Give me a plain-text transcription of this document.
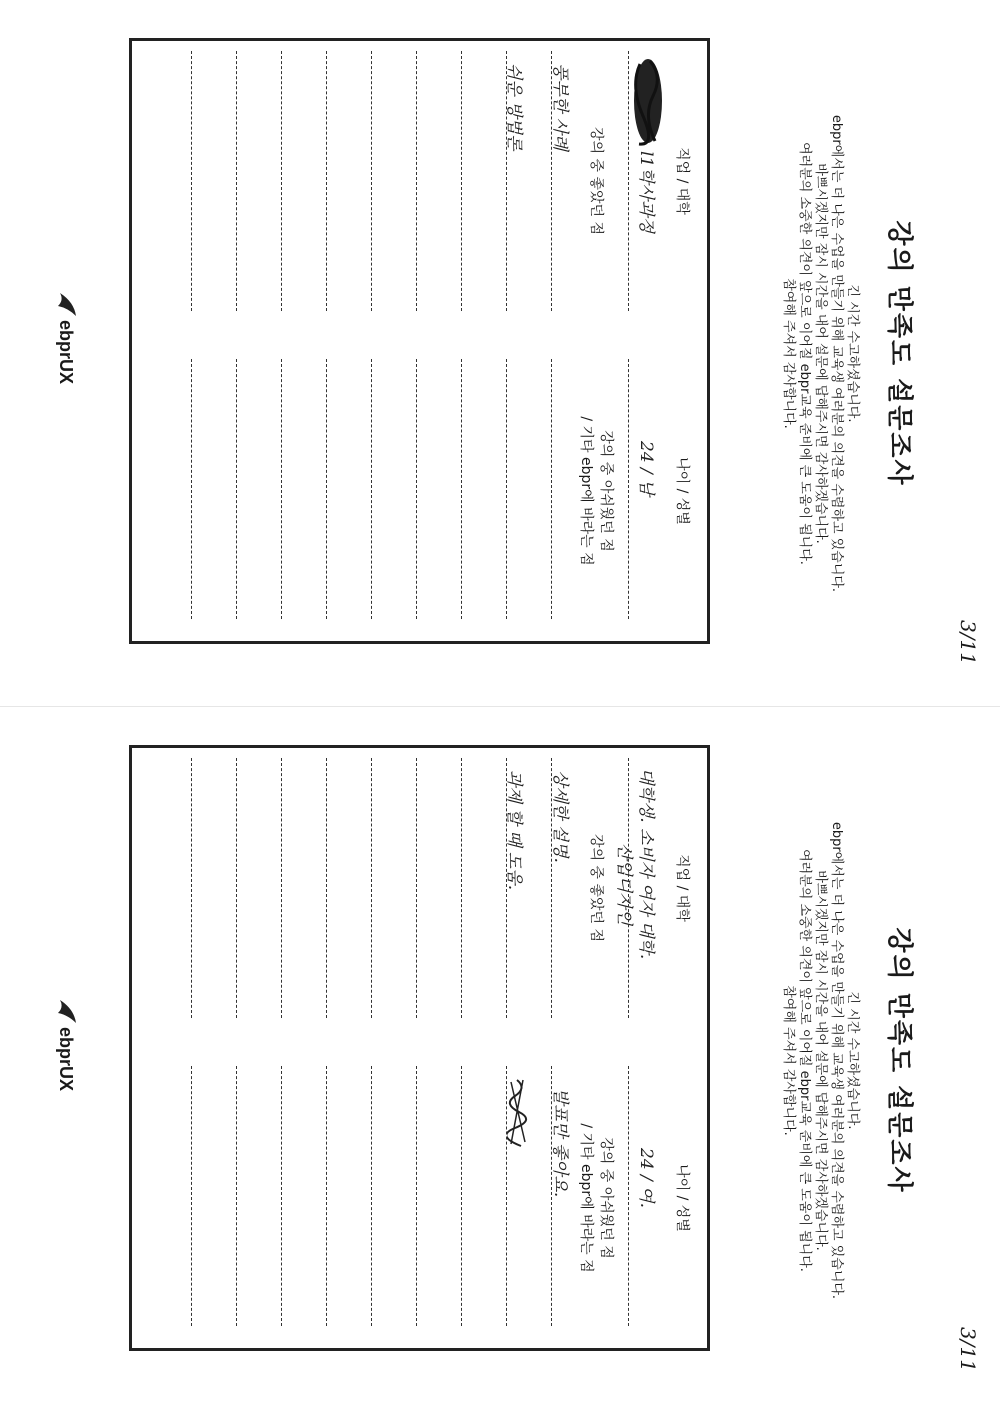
3/11
강의 만족도 설문조사
긴 시간 수고하셨습니다.
ebpr에서는 더 나은 수업을 만들기 위해 교육생 여러분의 의견을 수렴하고 있습니다.
바쁘시겠지만 잠시 시간을 내어 설문에 답해주시면 감사하겠습니다.
여러분의 소중한 의견이 앞으로 이어질 ebpr교육 준비에 큰 도움이 됩니다.
참여해 주셔서 감사합니다.
직업 / 대학
나이 / 성별
l1학사과정
24 / 남
강의 중 좋았던 점
강의 중 아쉬웠던 점
/ 기타 ebpr에 바라는 점
풍부한 사례
쉬운 방법론
ebprUX
3/11
강의 만족도 설문조사
긴 시간 수고하셨습니다.
ebpr에서는 더 나은 수업을 만들기 위해 교육생 여러분의 의견을 수렴하고 있습니다.
바쁘시겠지만 잠시 시간을 내어 설문에 답해주시면 감사하겠습니다.
여러분의 소중한 의견이 앞으로 이어질 ebpr교육 준비에 큰 도움이 됩니다.
참여해 주셔서 감사합니다.
직업 / 대학
나이 / 성별
대학생. 소비자 여자 대학.
산업디자인
24 / 여.
강의 중 좋았던 점
강의 중 아쉬웠던 점
/ 기타 ebpr에 바라는 점
상세한 설명.
과제 할 때 도움.
발표만 좋아요.
ebprUX
